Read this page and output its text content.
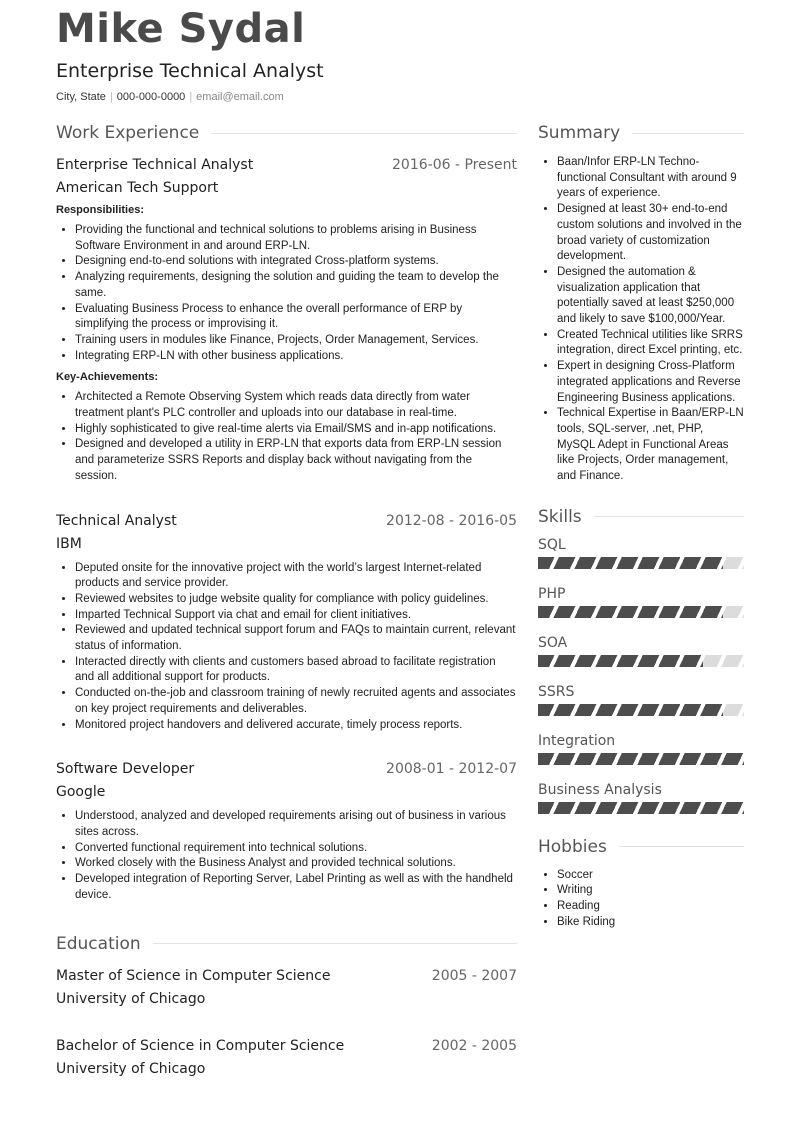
Mike Sydal
Enterprise Technical Analyst
City, State | 000-000-0000 | email@email.com
Work Experience
Enterprise Technical Analyst	2016-06 - Present
American Tech Support
Responsibilities:
• Providing the functional and technical solutions to problems arising in Business Software Environment in and around ERP-LN.
• Designing end-to-end solutions with integrated Cross-platform systems.
• Analyzing requirements, designing the solution and guiding the team to develop the same.
• Evaluating Business Process to enhance the overall performance of ERP by simplifying the process or improvising it.
• Training users in modules like Finance, Projects, Order Management, Services.
• Integrating ERP-LN with other business applications.
Key-Achievements:
• Architected a Remote Observing System which reads data directly from water treatment plant's PLC controller and uploads into our database in real-time.
• Highly sophisticated to give real-time alerts via Email/SMS and in-app notifications.
• Designed and developed a utility in ERP-LN that exports data from ERP-LN session and parameterize SSRS Reports and display back without navigating from the session.
Technical Analyst	2012-08 - 2016-05
IBM
• Deputed onsite for the innovative project with the world’s largest Internet-related products and service provider.
• Reviewed websites to judge website quality for compliance with policy guidelines.
• Imparted Technical Support via chat and email for client initiatives.
• Reviewed and updated technical support forum and FAQs to maintain current, relevant status of information.
• Interacted directly with clients and customers based abroad to facilitate registration and all additional support for products.
• Conducted on-the-job and classroom training of newly recruited agents and associates on key project requirements and deliverables.
• Monitored project handovers and delivered accurate, timely process reports.
Software Developer	2008-01 - 2012-07
Google
• Understood, analyzed and developed requirements arising out of business in various sites across.
• Converted functional requirement into technical solutions.
• Worked closely with the Business Analyst and provided technical solutions.
• Developed integration of Reporting Server, Label Printing as well as with the handheld device.
Education
Master of Science in Computer Science	2005 - 2007
University of Chicago
Bachelor of Science in Computer Science	2002 - 2005
University of Chicago
Summary
• Baan/Infor ERP-LN Techno-functional Consultant with around 9 years of experience.
• Designed at least 30+ end-to-end custom solutions and involved in the broad variety of customization development.
• Designed the automation & visualization application that potentially saved at least $250,000 and likely to save $100,000/Year.
• Created Technical utilities like SRRS integration, direct Excel printing, etc.
• Expert in designing Cross-Platform integrated applications and Reverse Engineering Business applications.
• Technical Expertise in Baan/ERP-LN tools, SQL-server, .net, PHP, MySQL Adept in Functional Areas like Projects, Order management, and Finance.
Skills
SQL
PHP
SOA
SSRS
Integration
Business Analysis
Hobbies
• Soccer
• Writing
• Reading
• Bike Riding
